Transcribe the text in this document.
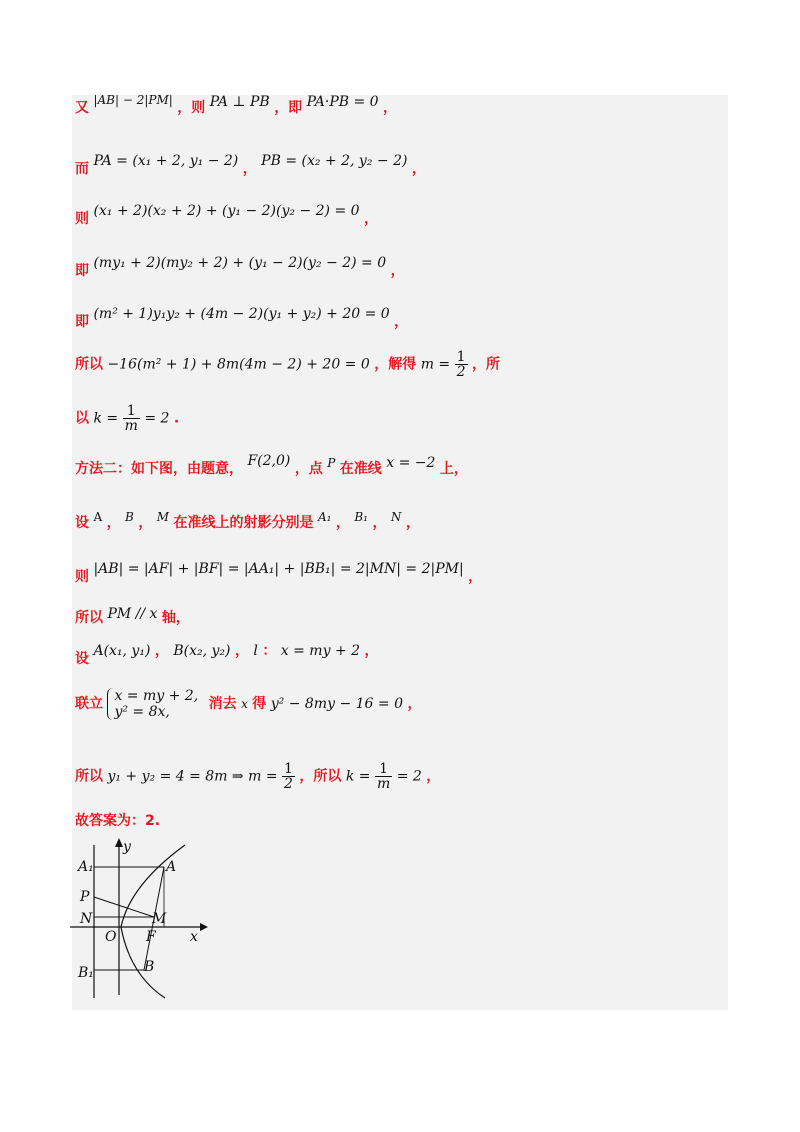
又 |AB| − 2|PM| ，则 PA ⊥ PB ，即 PA·PB = 0 ，
而 PA = (x₁ + 2, y₁ − 2) ， PB = (x₂ + 2, y₂ − 2) ，
则 (x₁ + 2)(x₂ + 2) + (y₁ − 2)(y₂ − 2) = 0 ，
即 (my₁ + 2)(my₂ + 2) + (y₁ − 2)(y₂ − 2) = 0 ，
即 (m² + 1)y₁y₂ + (4m − 2)(y₁ + y₂) + 20 = 0 ，
所以 −16(m² + 1) + 8m(4m − 2) + 20 = 0 ，解得 $m = \frac{1}{2}$ ，所
以 $k = \frac{1}{m} = 2$ .
方法二：如下图，由题意， F(2,0) ，点 P 在准线 x = −2 上，
设 A ， B ， M 在准线上的射影分别是 A₁ ， B₁ ， N ，
则 |AB| = |AF| + |BF| = |AA₁| + |BB₁| = 2|MN| = 2|PM| ，
所以 PM // x 轴，
设 A(x₁, y₁) ， B(x₂, y₂) ， l ： x = my + 2 ，
联立 x = my + 2,
y² = 8x,	消去 x 得 y² − 8my − 16 = 0 ，
所以 y₁ + y₂ = 4 = 8m ⇒ $m = \frac{1}{2}$ ，所以 $k = \frac{1}{m} = 2$ ，
故答案为：2.
y
x
A₁	A
P
N	M
O F
B₁	B
